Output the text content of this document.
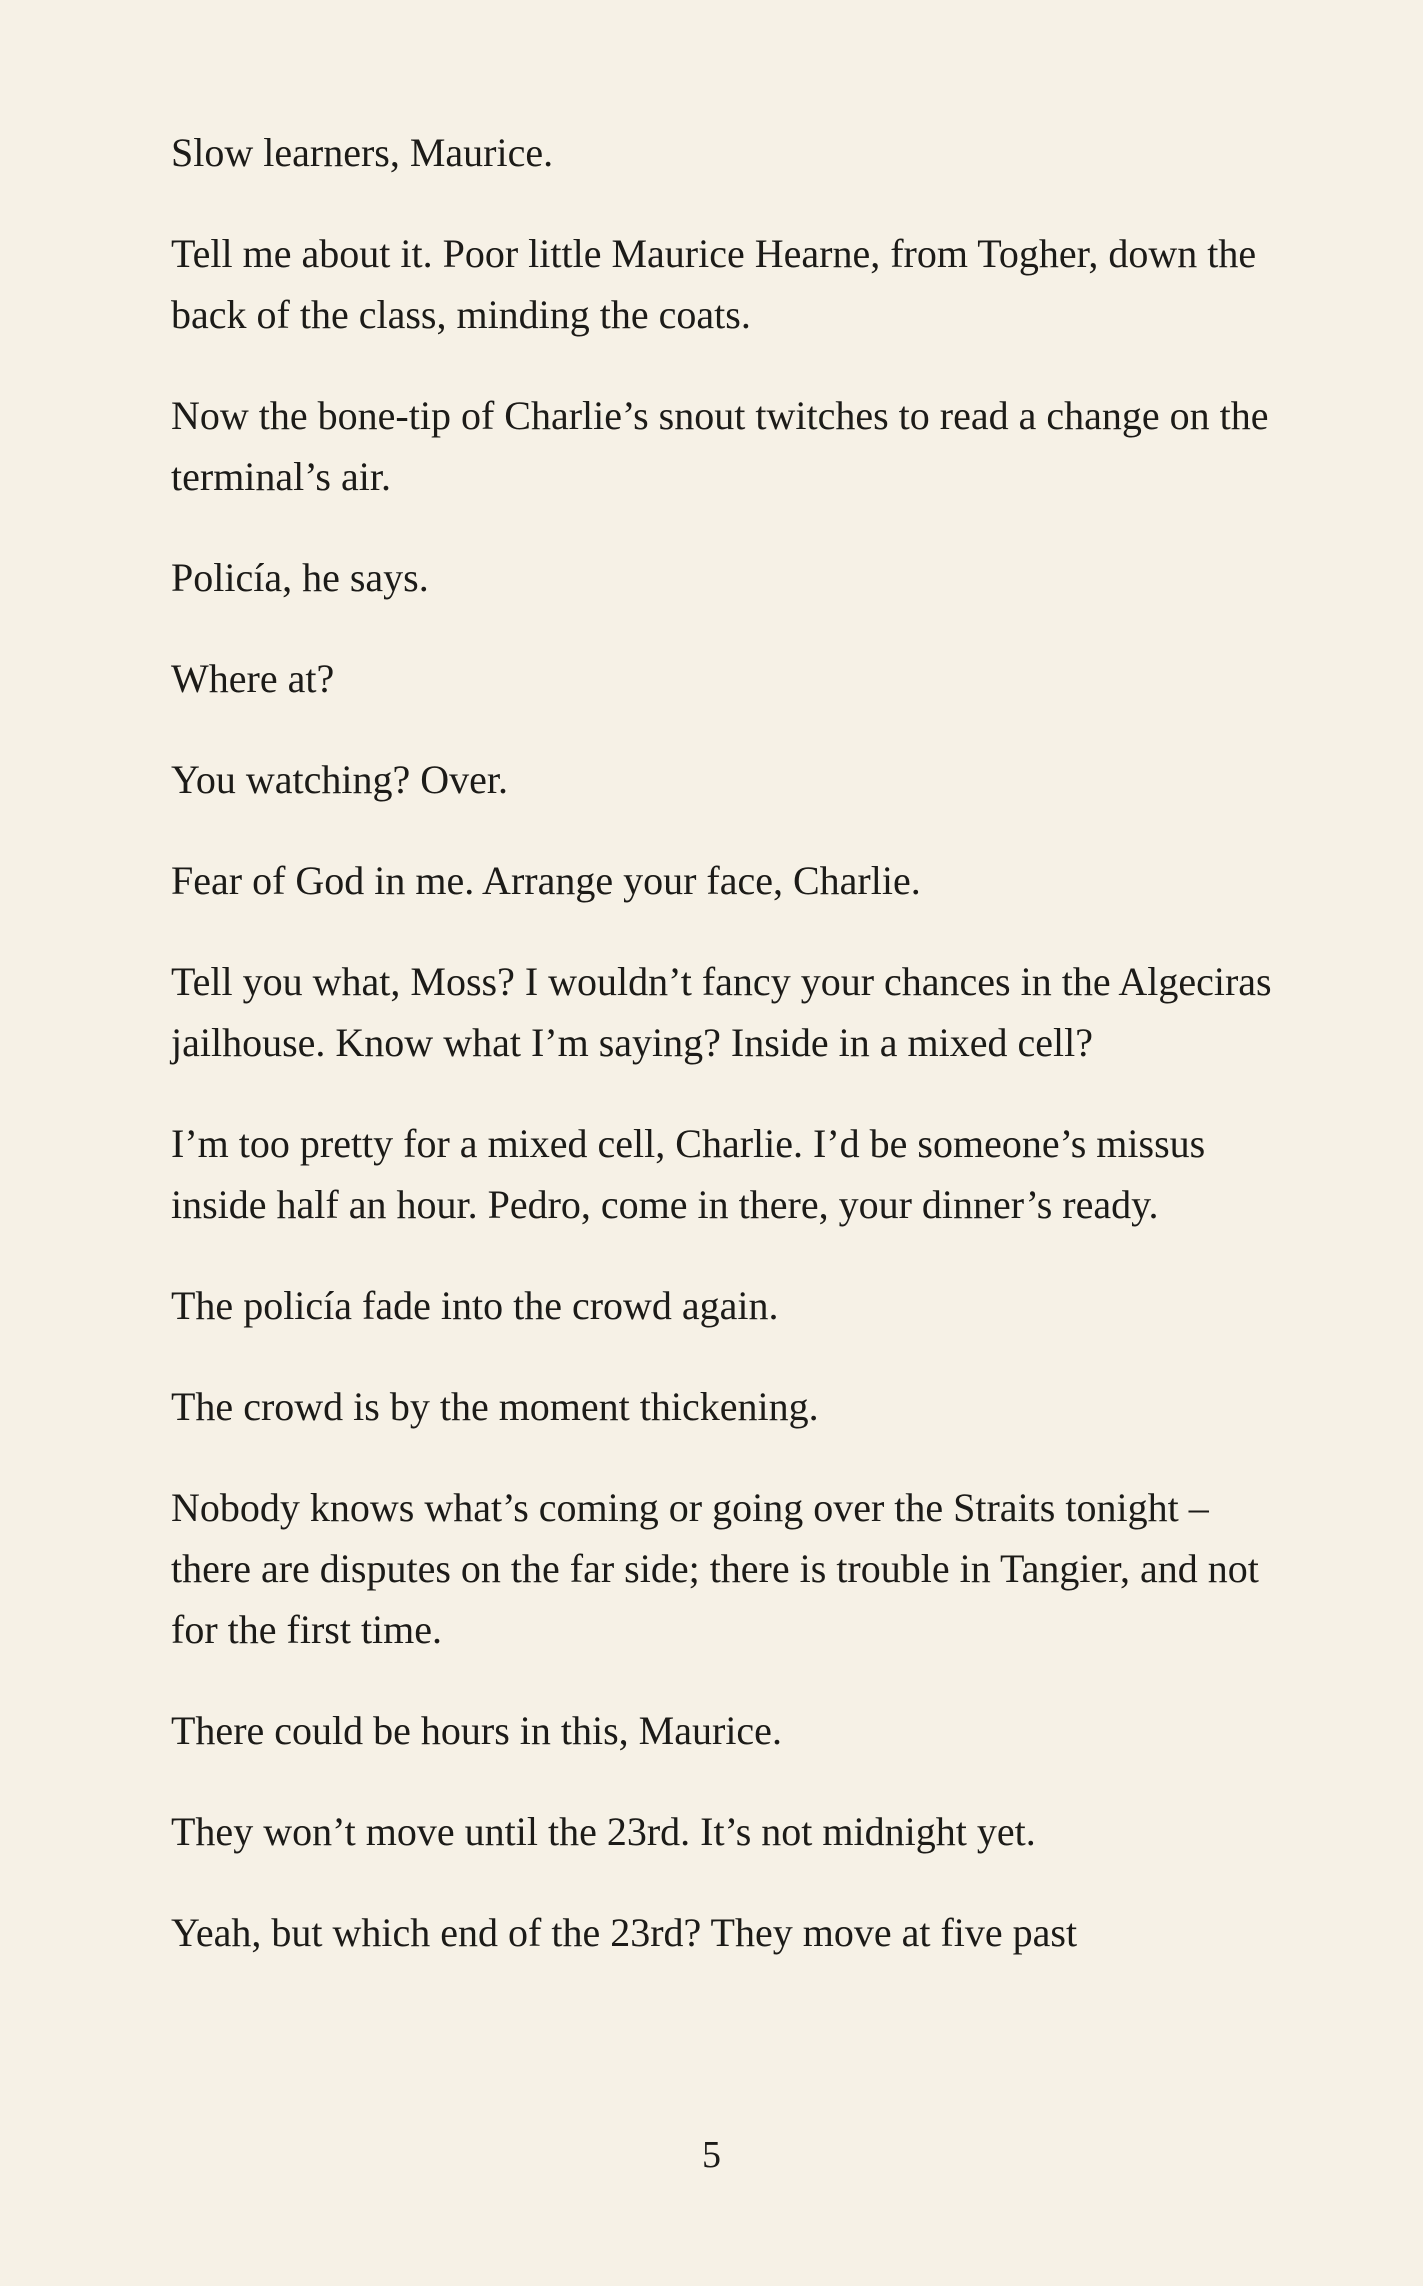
Slow learners, Maurice.

Tell me about it. Poor little Maurice Hearne, from Togher, down the back of the class, minding the coats.

Now the bone-tip of Charlie’s snout twitches to read a change on the terminal’s air.

Policía, he says.

Where at?

You watching? Over.

Fear of God in me. Arrange your face, Charlie.

Tell you what, Moss? I wouldn’t fancy your chances in the Algeciras jailhouse. Know what I’m saying? Inside in a mixed cell?

I’m too pretty for a mixed cell, Charlie. I’d be someone’s missus inside half an hour. Pedro, come in there, your dinner’s ready.

The policía fade into the crowd again.

The crowd is by the moment thickening.

Nobody knows what’s coming or going over the Straits tonight – there are disputes on the far side; there is trouble in Tangier, and not for the first time.

There could be hours in this, Maurice.

They won’t move until the 23rd. It’s not midnight yet.

Yeah, but which end of the 23rd? They move at five past

5
